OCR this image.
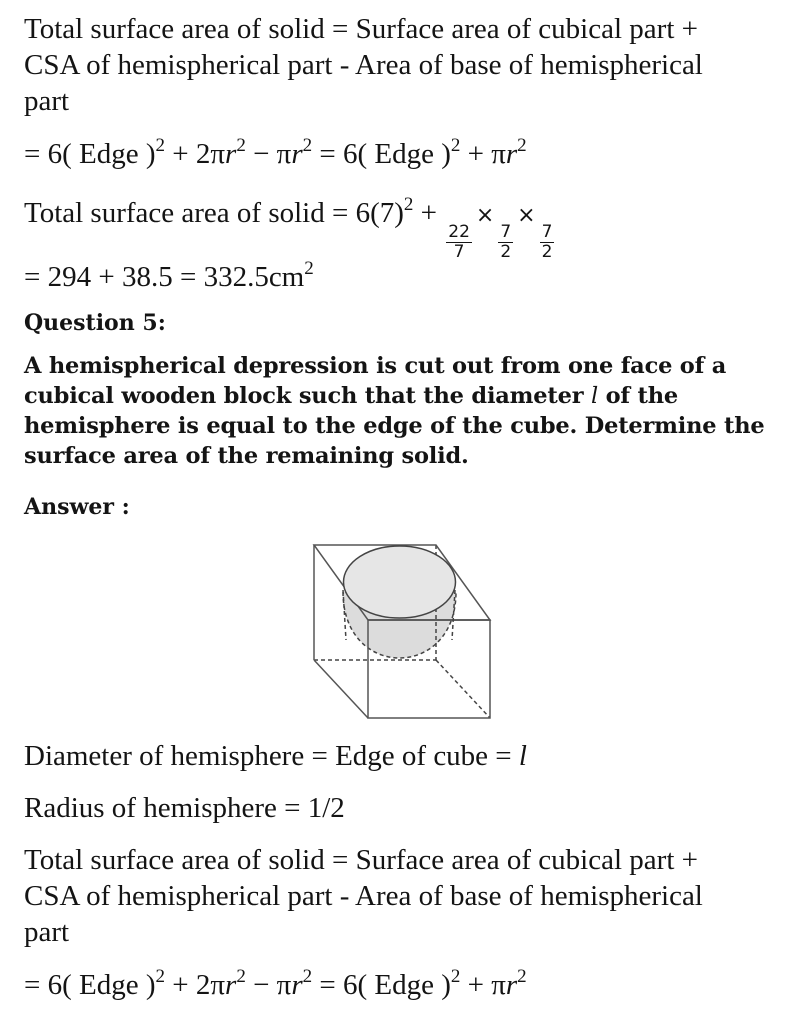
Total surface area of solid = Surface area of cubical part + CSA of hemispherical part - Area of base of hemispherical part

= 6( Edge )$^2 + 2\pi r^2 - \pi r^2 = 6$( Edge )$^2 + \pi r^2$

Total surface area of solid = $6(7)^2$ +
$\frac{22}{7}$
×
$\frac{7}{2}$
×
$\frac{7}{2}$

= $294 + 38.5 = 332.5cm^2$

Question 5:

A hemispherical depression is cut out from one face of a cubical wooden block such that the diameter l of the hemisphere is equal to the edge of the cube. Determine the surface area of the remaining solid.

Answer :

Diameter of hemisphere = Edge of cube = l

Radius of hemisphere = 1/2

Total surface area of solid = Surface area of cubical part + CSA of hemispherical part - Area of base of hemispherical part

= 6( Edge )$^2 + 2\pi r^2 - \pi r^2 = 6$( Edge )$^2 + \pi r^2$
